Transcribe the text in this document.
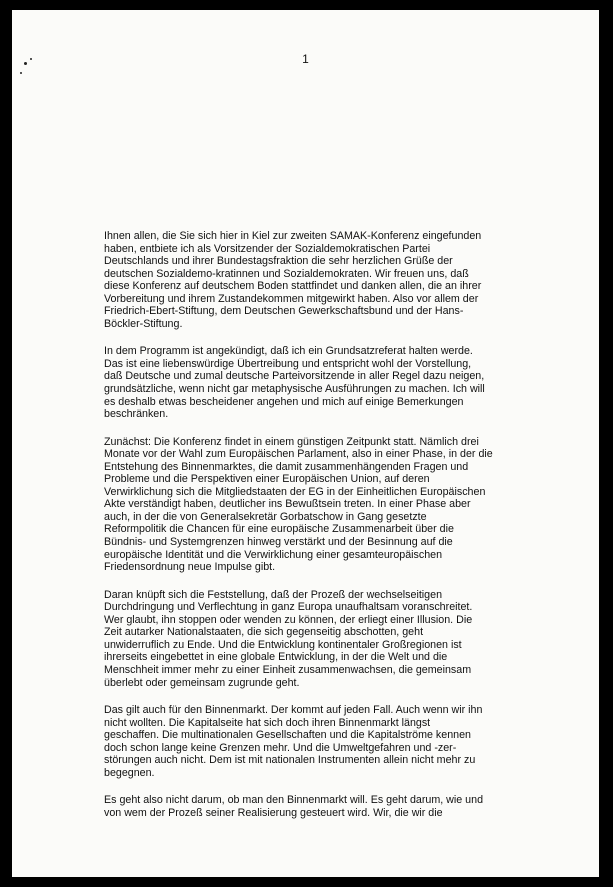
1
Ihnen allen, die Sie sich hier in Kiel zur zweiten SAMAK-Konferenz eingefunden
haben, entbiete ich als Vorsitzender der Sozialdemokratischen Partei
Deutschlands und ihrer Bundestagsfraktion die sehr herzlichen Grüße der
deutschen Sozialdemo-kratinnen und Sozialdemokraten. Wir freuen uns, daß
diese Konferenz auf deutschem Boden stattfindet und danken allen, die an ihrer
Vorbereitung und ihrem Zustandekommen mitgewirkt haben. Also vor allem der
Friedrich-Ebert-Stiftung, dem Deutschen Gewerkschaftsbund und der Hans-
Böckler-Stiftung.
In dem Programm ist angekündigt, daß ich ein Grundsatzreferat halten werde.
Das ist eine liebenswürdige Übertreibung und entspricht wohl der Vorstellung,
daß Deutsche und zumal deutsche Parteivorsitzende in aller Regel dazu neigen,
grundsätzliche, wenn nicht gar metaphysische Ausführungen zu machen. Ich will
es deshalb etwas bescheidener angehen und mich auf einige Bemerkungen
beschränken.
Zunächst: Die Konferenz findet in einem günstigen Zeitpunkt statt. Nämlich drei
Monate vor der Wahl zum Europäischen Parlament, also in einer Phase, in der die
Entstehung des Binnenmarktes, die damit zusammenhängenden Fragen und
Probleme und die Perspektiven einer Europäischen Union, auf deren
Verwirklichung sich die Mitgliedstaaten der EG in der Einheitlichen Europäischen
Akte verständigt haben, deutlicher ins Bewußtsein treten. In einer Phase aber
auch, in der die von Generalsekretär Gorbatschow in Gang gesetzte
Reformpolitik die Chancen für eine europäische Zusammenarbeit über die
Bündnis- und Systemgrenzen hinweg verstärkt und der Besinnung auf die
europäische Identität und die Verwirklichung einer gesamteuropäischen
Friedensordnung neue Impulse gibt.
Daran knüpft sich die Feststellung, daß der Prozeß der wechselseitigen
Durchdringung und Verflechtung in ganz Europa unaufhaltsam voranschreitet.
Wer glaubt, ihn stoppen oder wenden zu können, der erliegt einer Illusion. Die
Zeit autarker Nationalstaaten, die sich gegenseitig abschotten, geht
unwiderruflich zu Ende. Und die Entwicklung kontinentaler Großregionen ist
ihrerseits eingebettet in eine globale Entwicklung, in der die Welt und die
Menschheit immer mehr zu einer Einheit zusammenwachsen, die gemeinsam
überlebt oder gemeinsam zugrunde geht.
Das gilt auch für den Binnenmarkt. Der kommt auf jeden Fall. Auch wenn wir ihn
nicht wollten. Die Kapitalseite hat sich doch ihren Binnenmarkt längst
geschaffen. Die multinationalen Gesellschaften und die Kapitalströme kennen
doch schon lange keine Grenzen mehr. Und die Umweltgefahren und -zer-
störungen auch nicht. Dem ist mit nationalen Instrumenten allein nicht mehr zu
begegnen.
Es geht also nicht darum, ob man den Binnenmarkt will. Es geht darum, wie und
von wem der Prozeß seiner Realisierung gesteuert wird. Wir, die wir die
